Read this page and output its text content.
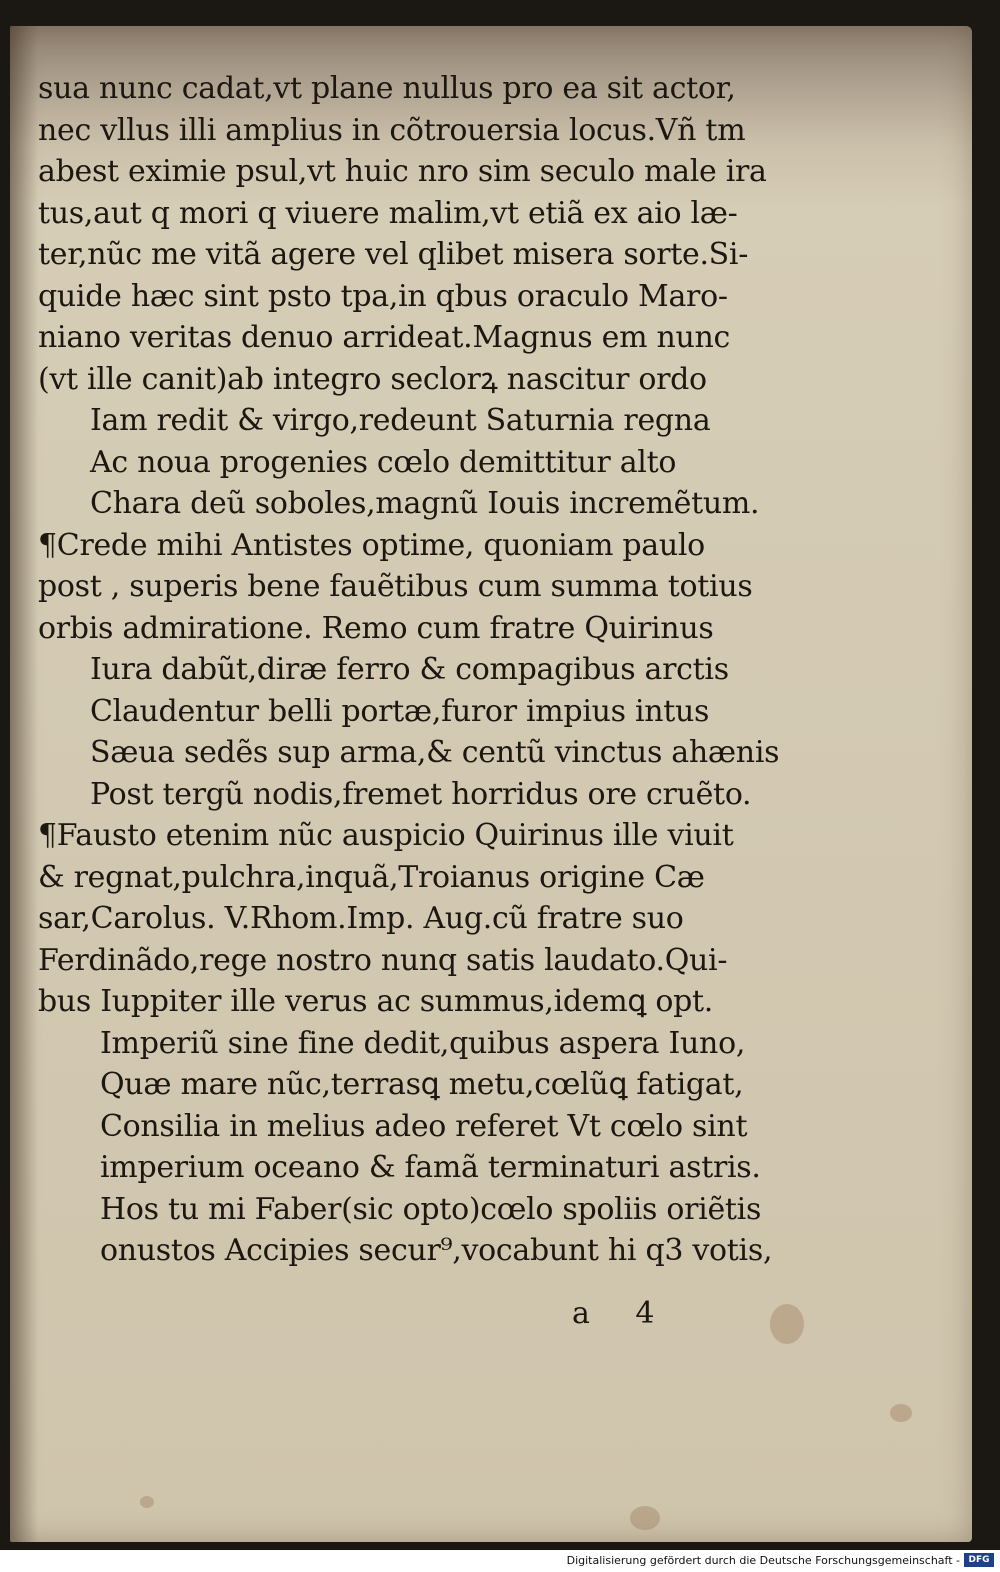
sua nunc cadat,vt plane nullus pro ea sit actor,
nec vllus illi amplius in cõtrouersia locus.Vñ tm
abest eximie psul,vt huic nro sim seculo male ira
tus,aut q mori q viuere malim,vt etiã ex aio læ-
ter,nũc me vitã agere vel qlibet misera sorte.Si-
quide hæc sint psto tpa,in qbus oraculo Maro-
niano veritas denuo arrideat.Magnus em nunc
(vt ille canit)ab integro seclorꝝ nascitur ordo
Iam redit & virgo,redeunt Saturnia regna
Ac noua progenies cœlo demittitur alto
Chara deũ soboles,magnũ Iouis incremẽtum.
¶Crede mihi Antistes optime, quoniam paulo
post , superis bene fauẽtibus cum summa totius
orbis admiratione. Remo cum fratre Quirinus
Iura dabũt,diræ ferro & compagibus arctis
Claudentur belli portæ,furor impius intus
Sæua sedẽs sup arma,& centũ vinctus ahænis
Post tergũ nodis,fremet horridus ore cruẽto.
¶Fausto etenim nũc auspicio Quirinus ille viuit
& regnat,pulchra,inquã,Troianus origine Cæ
sar,Carolus. V.Rhom.Imp. Aug.cũ fratre suo
Ferdinãdo,rege nostro nunq satis laudato.Qui-
bus Iuppiter ille verus ac summus,idemꝗ opt.
Imperiũ sine fine dedit,quibus aspera Iuno,
Quæ mare nũc,terrasꝗ metu,cœlũꝗ fatigat,
Consilia in melius adeo referet Vt cœlo sint
imperium oceano & famã terminaturi astris.
Hos tu mi Faber(sic opto)cœlo spoliis oriẽtis
onustos Accipies secur⁹,vocabunt hi q3 votis,
a 4
Digitalisierung gefördert durch die Deutsche Forschungsgemeinschaft - DFG
